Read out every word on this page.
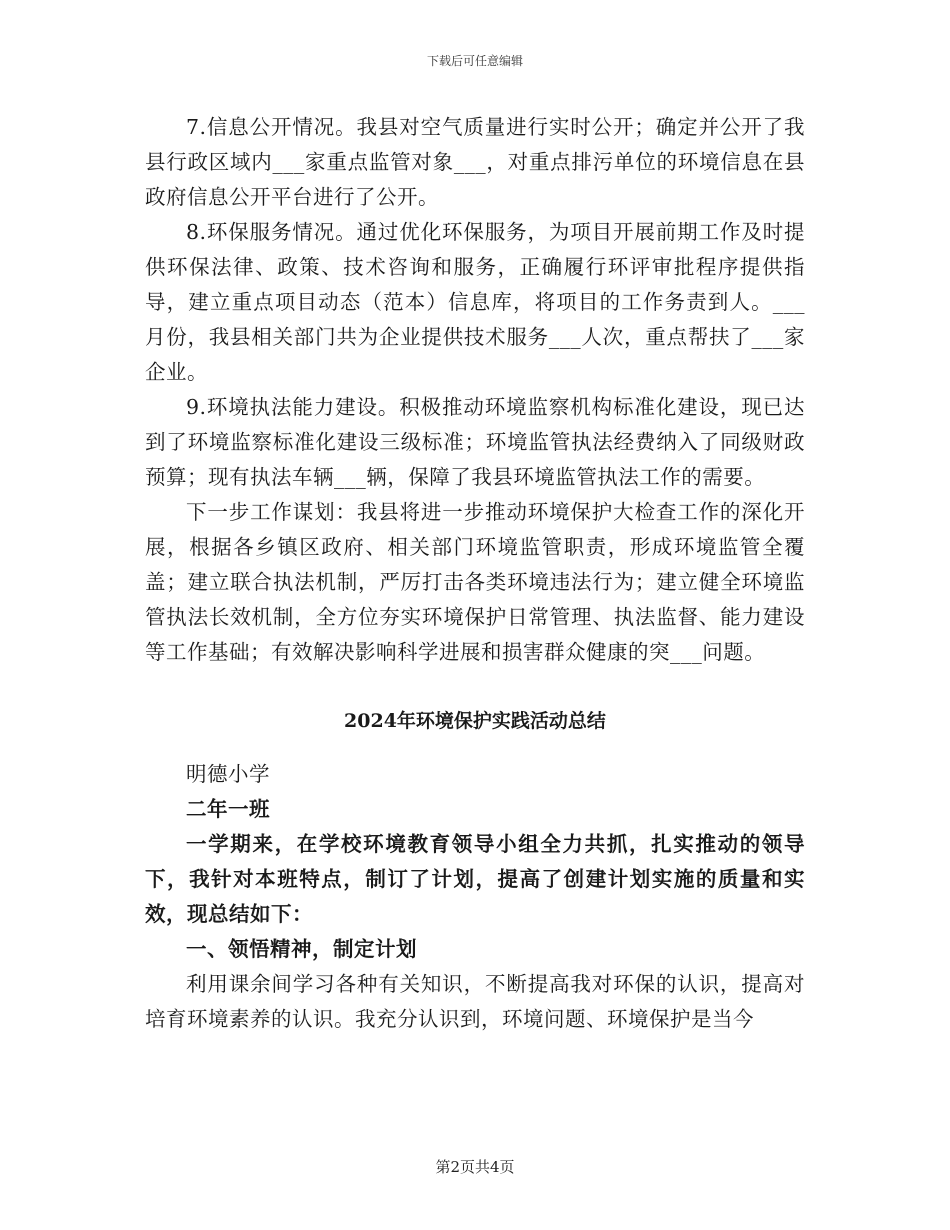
下载后可任意编辑

7.信息公开情况。我县对空气质量进行实时公开；确定并公开了我县行政区域内___家重点监管对象___，对重点排污单位的环境信息在县政府信息公开平台进行了公开。

8.环保服务情况。通过优化环保服务，为项目开展前期工作及时提供环保法律、政策、技术咨询和服务，正确履行环评审批程序提供指导，建立重点项目动态（范本）信息库，将项目的工作务责到人。___月份，我县相关部门共为企业提供技术服务___人次，重点帮扶了___家企业。

9.环境执法能力建设。积极推动环境监察机构标准化建设，现已达到了环境监察标准化建设三级标准；环境监管执法经费纳入了同级财政预算；现有执法车辆___辆，保障了我县环境监管执法工作的需要。

下一步工作谋划：我县将进一步推动环境保护大检查工作的深化开展，根据各乡镇区政府、相关部门环境监管职责，形成环境监管全覆盖；建立联合执法机制，严厉打击各类环境违法行为；建立健全环境监管执法长效机制，全方位夯实环境保护日常管理、执法监督、能力建设等工作基础；有效解决影响科学进展和损害群众健康的突___问题。

2024年环境保护实践活动总结

明德小学

二年一班

一学期来，在学校环境教育领导小组全力共抓，扎实推动的领导下，我针对本班特点，制订了计划，提高了创建计划实施的质量和实效，现总结如下：

一、领悟精神，制定计划

利用课余间学习各种有关知识，不断提高我对环保的认识，提高对培育环境素养的认识。我充分认识到，环境问题、环境保护是当今

第2页共4页
